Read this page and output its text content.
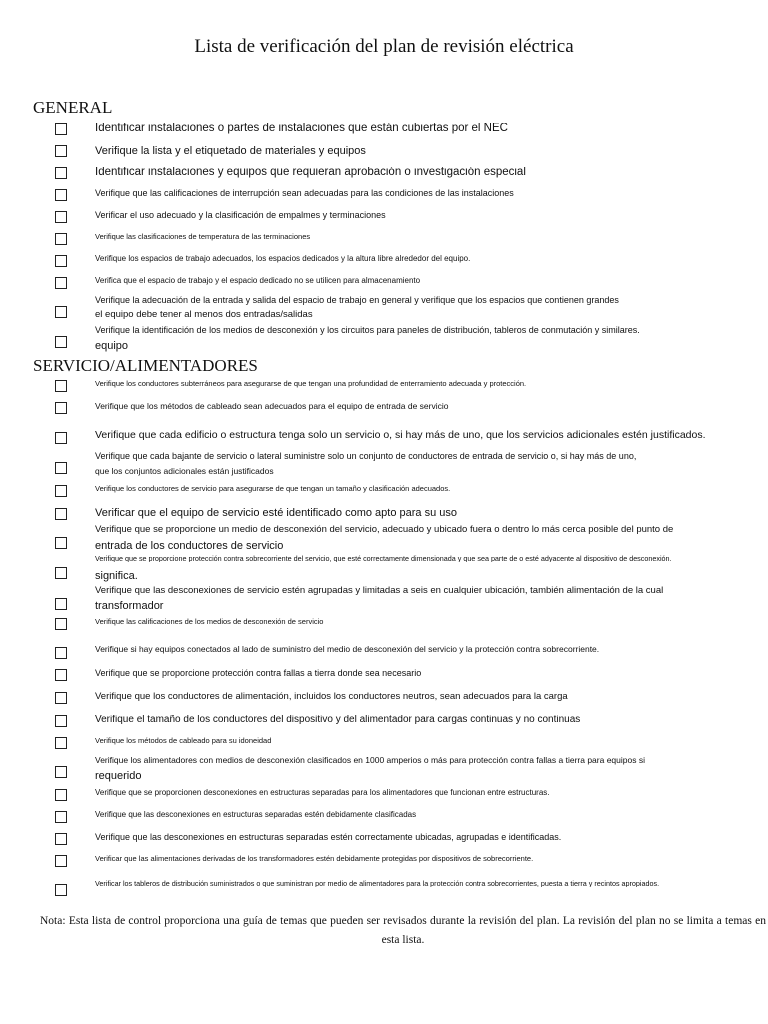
Lista de verificación del plan de revisión eléctrica
GENERAL
Identificar instalaciones o partes de instalaciones que están cubiertas por el NEC
Verifique la lista y el etiquetado de materiales y equipos
Identificar instalaciones y equipos que requieran aprobación o investigación especial
Verifique que las calificaciones de interrupción sean adecuadas para las condiciones de las instalaciones
Verificar el uso adecuado y la clasificación de empalmes y terminaciones
Verifique las clasificaciones de temperatura de las terminaciones
Verifique los espacios de trabajo adecuados, los espacios dedicados y la altura libre alrededor del equipo.
Verifica que el espacio de trabajo y el espacio dedicado no se utilicen para almacenamiento
Verifique la adecuación de la entrada y salida del espacio de trabajo en general y verifique que los espacios que contienen grandes
el equipo debe tener al menos dos entradas/salidas
Verifique la identificación de los medios de desconexión y los circuitos para paneles de distribución, tableros de conmutación y similares.
equipo
SERVICIO/ALIMENTADORES
Verifique los conductores subterráneos para asegurarse de que tengan una profundidad de enterramiento adecuada y protección.
Verifique que los métodos de cableado sean adecuados para el equipo de entrada de servicio
Verifique que cada edificio o estructura tenga solo un servicio o, si hay más de uno, que los servicios adicionales estén justificados.
Verifique que cada bajante de servicio o lateral suministre solo un conjunto de conductores de entrada de servicio o, si hay más de uno,
que los conjuntos adicionales están justificados
Verifique los conductores de servicio para asegurarse de que tengan un tamaño y clasificación adecuados.
Verificar que el equipo de servicio esté identificado como apto para su uso
Verifique que se proporcione un medio de desconexión del servicio, adecuado y ubicado fuera o dentro lo más cerca posible del punto de
entrada de los conductores de servicio
Verifique que se proporcione protección contra sobrecorriente del servicio, que esté correctamente dimensionada y que sea parte de o esté adyacente al dispositivo de desconexión.
significa.
Verifique que las desconexiones de servicio estén agrupadas y limitadas a seis en cualquier ubicación, también alimentación de la cual
transformador
Verifique las calificaciones de los medios de desconexión de servicio
Verifique si hay equipos conectados al lado de suministro del medio de desconexión del servicio y la protección contra sobrecorriente.
Verifique que se proporcione protección contra fallas a tierra donde sea necesario
Verifique que los conductores de alimentación, incluidos los conductores neutros, sean adecuados para la carga
Verifique el tamaño de los conductores del dispositivo y del alimentador para cargas continuas y no continuas
Verifique los métodos de cableado para su idoneidad
Verifique los alimentadores con medios de desconexión clasificados en 1000 amperios o más para protección contra fallas a tierra para equipos si
requerido
Verifique que se proporcionen desconexiones en estructuras separadas para los alimentadores que funcionan entre estructuras.
Verifique que las desconexiones en estructuras separadas estén debidamente clasificadas
Verifique que las desconexiones en estructuras separadas estén correctamente ubicadas, agrupadas e identificadas.
Verificar que las alimentaciones derivadas de los transformadores estén debidamente protegidas por dispositivos de sobrecorriente.
Verificar los tableros de distribución suministrados o que suministran por medio de alimentadores para la protección contra sobrecorrientes, puesta a tierra y recintos apropiados.
Nota: Esta lista de control proporciona una guía de temas que pueden ser revisados durante la revisión del plan. La revisión del plan no se limita a temas en esta lista.
